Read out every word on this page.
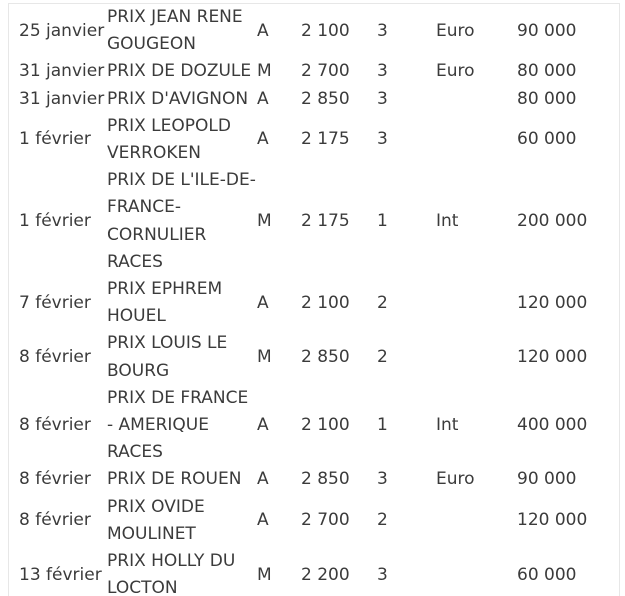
25 janvier	PRIX JEAN RENE GOUGEON	A	2 100	3	Euro	90 000
31 janvier	PRIX DE DOZULE	M	2 700	3	Euro	80 000
31 janvier	PRIX D'AVIGNON	A	2 850	3		80 000
1 février	PRIX LEOPOLD VERROKEN	A	2 175	3		60 000
1 février	PRIX DE L'ILE-DE-FRANCE-CORNULIER RACES	M	2 175	1	Int	200 000
7 février	PRIX EPHREM HOUEL	A	2 100	2		120 000
8 février	PRIX LOUIS LE BOURG	M	2 850	2		120 000
8 février	PRIX DE FRANCE - AMERIQUE RACES	A	2 100	1	Int	400 000
8 février	PRIX DE ROUEN	A	2 850	3	Euro	90 000
8 février	PRIX OVIDE MOULINET	A	2 700	2		120 000
13 février	PRIX HOLLY DU LOCTON	M	2 200	3		60 000
